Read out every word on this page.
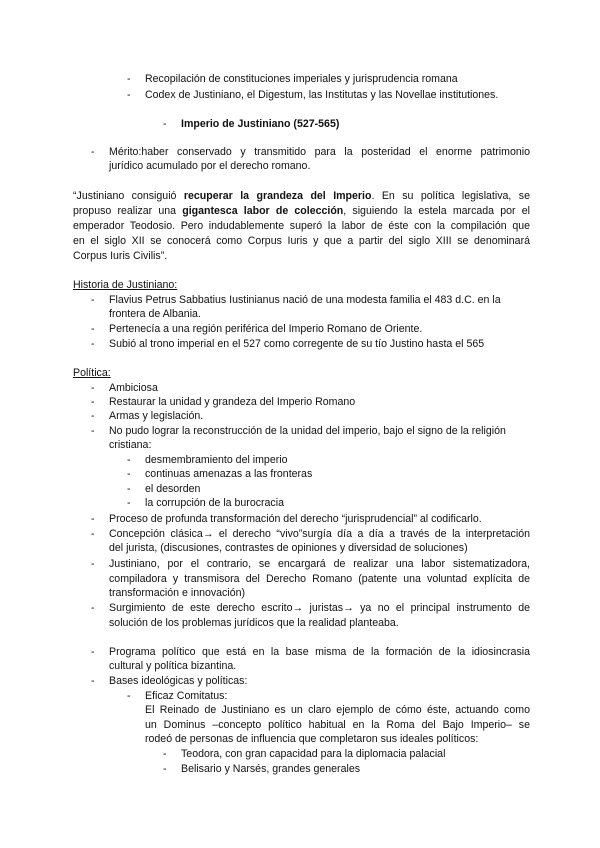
- Recopilación de constituciones imperiales y jurisprudencia romana
- Codex de Justiniano, el Digestum, las Institutas y las Novellae institutiones.
- Imperio de Justiniano (527-565)
- Mérito:haber conservado y transmitido para la posteridad el enorme patrimonio
jurídico acumulado por el derecho romano.
“Justiniano consiguió recuperar la grandeza del Imperio. En su política legislativa, se
propuso realizar una gigantesca labor de colección, siguiendo la estela marcada por el
emperador Teodosio. Pero indudablemente superó la labor de éste con la compilación que
en el siglo XII se conocerá como Corpus Iuris y que a partir del siglo XIII se denominará
Corpus Iuris Civilis”.
Historia de Justiniano:
- Flavius Petrus Sabbatius Iustinianus nació de una modesta familia el 483 d.C. en la
frontera de Albania.
- Pertenecía a una región periférica del Imperio Romano de Oriente.
- Subió al trono imperial en el 527 como corregente de su tío Justino hasta el 565
Política:
- Ambiciosa
- Restaurar la unidad y grandeza del Imperio Romano
- Armas y legislación.
- No pudo lograr la reconstrucción de la unidad del imperio, bajo el signo de la religión
cristiana:
- desmembramiento del imperio
- continuas amenazas a las fronteras
- el desorden
- la corrupción de la burocracia
- Proceso de profunda transformación del derecho “jurisprudencial” al codificarlo.
- Concepción clásica→ el derecho “vivo”surgía día a día a través de la interpretación
del jurista, (discusiones, contrastes de opiniones y diversidad de soluciones)
- Justiniano, por el contrario, se encargará de realizar una labor sistematizadora,
compiladora y transmisora del Derecho Romano (patente una voluntad explícita de
transformación e innovación)
- Surgimiento de este derecho escrito→ juristas→ ya no el principal instrumento de
solución de los problemas jurídicos que la realidad planteaba.
- Programa político que está en la base misma de la formación de la idiosincrasia
cultural y política bizantina.
- Bases ideológicas y políticas:
- Eficaz Comitatus:
El Reinado de Justiniano es un claro ejemplo de cómo éste, actuando como
un Dominus –concepto político habitual en la Roma del Bajo Imperio– se
rodeó de personas de influencia que completaron sus ideales políticos:
- Teodora, con gran capacidad para la diplomacia palacial
- Belisario y Narsés, grandes generales
